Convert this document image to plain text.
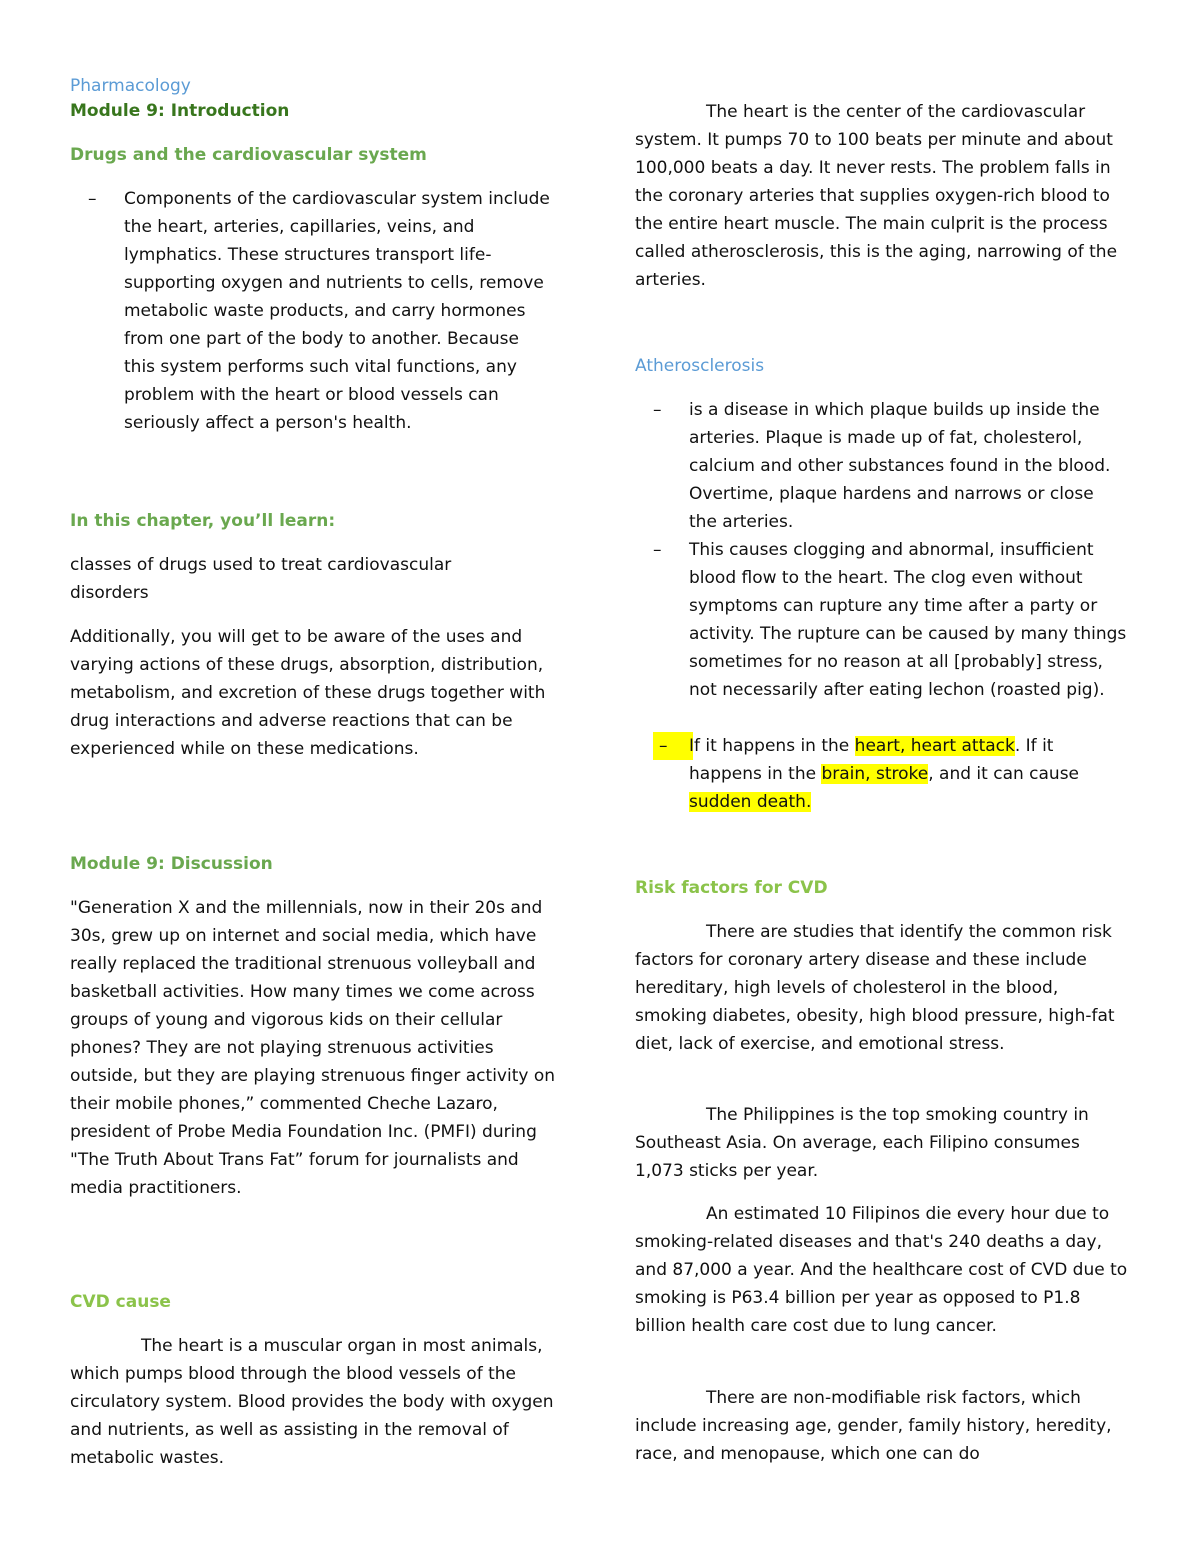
Pharmacology

Module 9: Introduction

Drugs and the cardiovascular system

–	Components of the cardiovascular system include the heart, arteries, capillaries, veins, and lymphatics. These structures transport life-supporting oxygen and nutrients to cells, remove metabolic waste products, and carry hormones from one part of the body to another. Because this system performs such vital functions, any problem with the heart or blood vessels can seriously affect a person's health.

In this chapter, you’ll learn:

classes of drugs used to treat cardiovascular disorders

Additionally, you will get to be aware of the uses and varying actions of these drugs, absorption, distribution, metabolism, and excretion of these drugs together with drug interactions and adverse reactions that can be experienced while on these medications.

Module 9: Discussion

"Generation X and the millennials, now in their 20s and 30s, grew up on internet and social media, which have really replaced the traditional strenuous volleyball and basketball activities. How many times we come across groups of young and vigorous kids on their cellular phones? They are not playing strenuous activities outside, but they are playing strenuous finger activity on their mobile phones,” commented Cheche Lazaro, president of Probe Media Foundation Inc. (PMFI) during "The Truth About Trans Fat” forum for journalists and media practitioners.

CVD cause

The heart is a muscular organ in most animals, which pumps blood through the blood vessels of the circulatory system. Blood provides the body with oxygen and nutrients, as well as assisting in the removal of metabolic wastes.

The heart is the center of the cardiovascular system. It pumps 70 to 100 beats per minute and about 100,000 beats a day. It never rests. The problem falls in the coronary arteries that supplies oxygen-rich blood to the entire heart muscle. The main culprit is the process called atherosclerosis, this is the aging, narrowing of the arteries.

Atherosclerosis

–	is a disease in which plaque builds up inside the arteries. Plaque is made up of fat, cholesterol, calcium and other substances found in the blood. Overtime, plaque hardens and narrows or close the arteries.
–	This causes clogging and abnormal, insufficient blood flow to the heart. The clog even without symptoms can rupture any time after a party or activity. The rupture can be caused by many things sometimes for no reason at all [probably] stress, not necessarily after eating lechon (roasted pig).
–	If it happens in the heart, heart attack. If it happens in the brain, stroke, and it can cause sudden death.

Risk factors for CVD

There are studies that identify the common risk factors for coronary artery disease and these include hereditary, high levels of cholesterol in the blood, smoking diabetes, obesity, high blood pressure, high-fat diet, lack of exercise, and emotional stress.

The Philippines is the top smoking country in Southeast Asia. On average, each Filipino consumes 1,073 sticks per year.

An estimated 10 Filipinos die every hour due to smoking-related diseases and that's 240 deaths a day, and 87,000 a year. And the healthcare cost of CVD due to smoking is P63.4 billion per year as opposed to P1.8 billion health care cost due to lung cancer.

There are non-modifiable risk factors, which include increasing age, gender, family history, heredity, race, and menopause, which one can do
